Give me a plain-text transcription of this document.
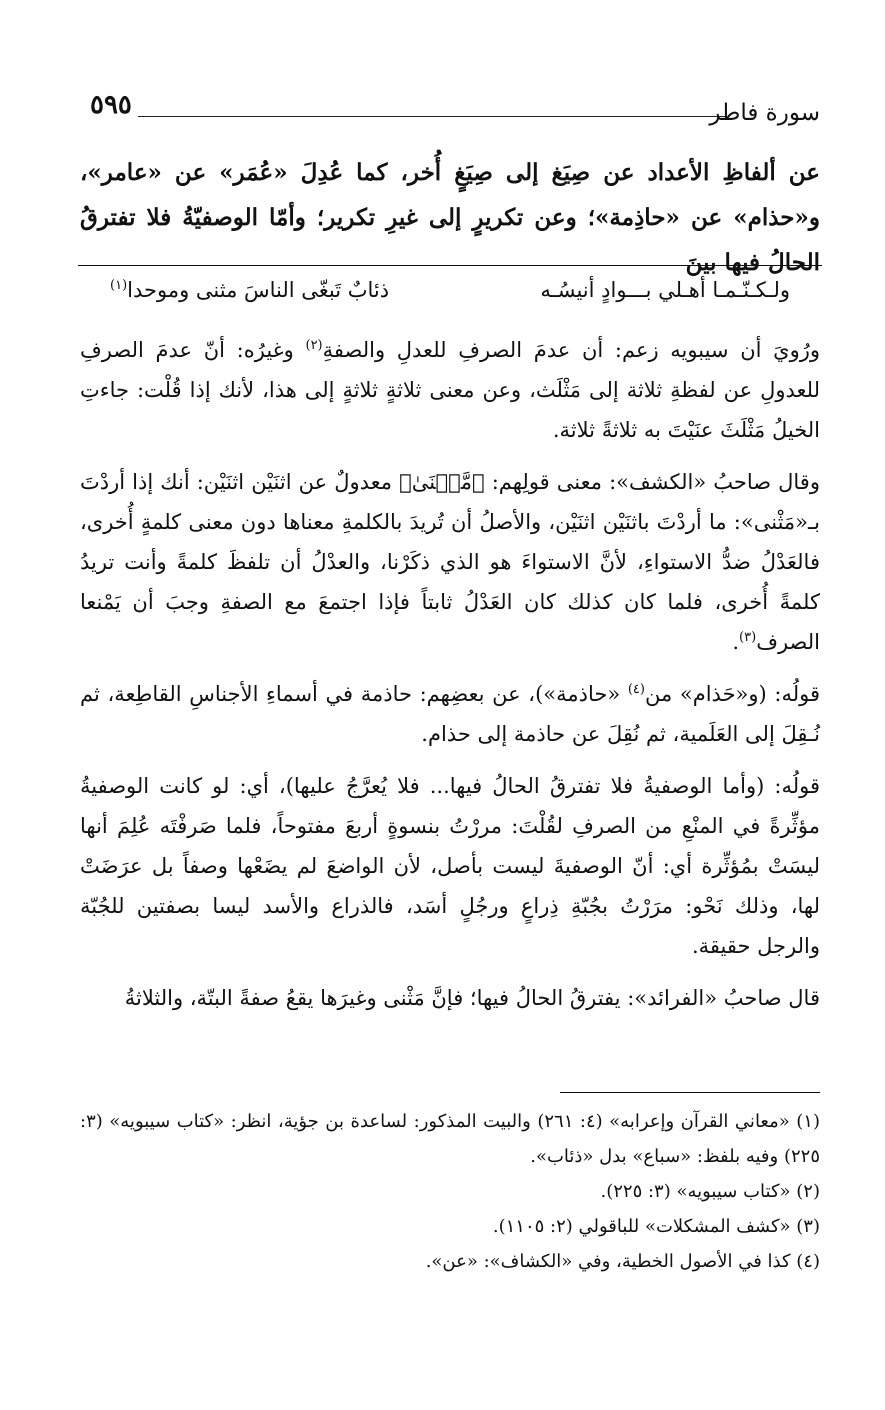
٥٩٥	سورة فاطر
عن ألفاظِ الأعداد عن صِيَغ إلى صِيَغٍ أُخر، كما عُدِلَ «عُمَر» عن «عامر»، و«حذام» عن «حاذِمة»؛ وعن تكريرٍ إلى غيرِ تكرير؛ وأمّا الوصفيّةُ فلا تفترقُ الحالُ فيها بينَ
ولـكـنّـمـا أهـلي بـــوادٍ أنيسُـه
ذئابٌ تَبغّى الناسَ مثنى وموحدا$^{(١)}$

ورُويَ أن سيبويه زعم: أن عدمَ الصرفِ للعدلِ والصفةِ$^{(٢)}$ وغيرُه: أنّ عدمَ الصرفِ للعدولِ عن لفظةِ ثلاثة إلى مَثْلَث، وعن معنى ثلاثةٍ ثلاثةٍ إلى هذا، لأنك إذا قُلْت: جاءتِ الخيلُ مَثْلَثَ عنَيْتَ به ثلاثةً ثلاثة.

وقال صاحبُ «الكشف»: معنى قولِهم: ﴿مَّثۡنَىٰ﴾ معدولٌ عن اثنَيْن اثنَيْن: أنك إذا أردْتَ بـ«مَثْنى»: ما أردْتَ باثنَيْن اثنَيْن، والأصلُ أن تُريدَ بالكلمةِ معناها دون معنى كلمةٍ أُخرى، فالعَدْلُ ضدُّ الاستواءِ، لأنَّ الاستواءَ هو الذي ذكَرْنا، والعدْلُ أن تلفظَ كلمةً وأنت تريدُ كلمةً أُخرى، فلما كان كذلك كان العَدْلُ ثابتاً فإذا اجتمعَ مع الصفةِ وجبَ أن يَمْنعا الصرف$^{(٣)}$.

قولُه: (و«حَذام» من$^{(٤)}$ «حاذمة»)، عن بعضِهم: حاذمة في أسماءِ الأجناسِ القاطِعة، ثم نُـقِلَ إلى العَلَمية، ثم نُقِلَ عن حاذمة إلى حذام.

قولُه: (وأما الوصفيةُ فلا تفترقُ الحالُ فيها... فلا يُعرَّجُ عليها)، أي: لو كانت الوصفيةُ مؤثِّرةً في المنْعِ من الصرفِ لقُلْتَ: مررْتُ بنسوةٍ أربعَ مفتوحاً، فلما صَرفْتَه عُلِمَ أنها ليسَتْ بمُؤثِّرة أي: أنّ الوصفيةَ ليست بأصل، لأن الواضعَ لم يضَعْها وصفاً بل عرَضَتْ لها، وذلك نَحْو: مرَرْتُ بجُبّةِ ذِراعٍ ورجُلٍ أسَد، فالذراع والأسد ليسا بصفتين للجُبّة والرجل حقيقة.

قال صاحبُ «الفرائد»: يفترقُ الحالُ فيها؛ فإنَّ مَثْنى وغيرَها يقعُ صفةً البتّة، والثلاثةُ

(١) «معاني القرآن وإعرابه» (٤: ٢٦١) والبيت المذكور: لساعدة بن جؤية، انظر: «كتاب سيبويه» (٣: ٢٢٥) وفيه بلفظ: «سباع» بدل «ذئاب».

(٢) «كتاب سيبويه» (٣: ٢٢٥).

(٣) «كشف المشكلات» للباقولي (٢: ١١٠٥).

(٤) كذا في الأصول الخطية، وفي «الكشاف»: «عن».
